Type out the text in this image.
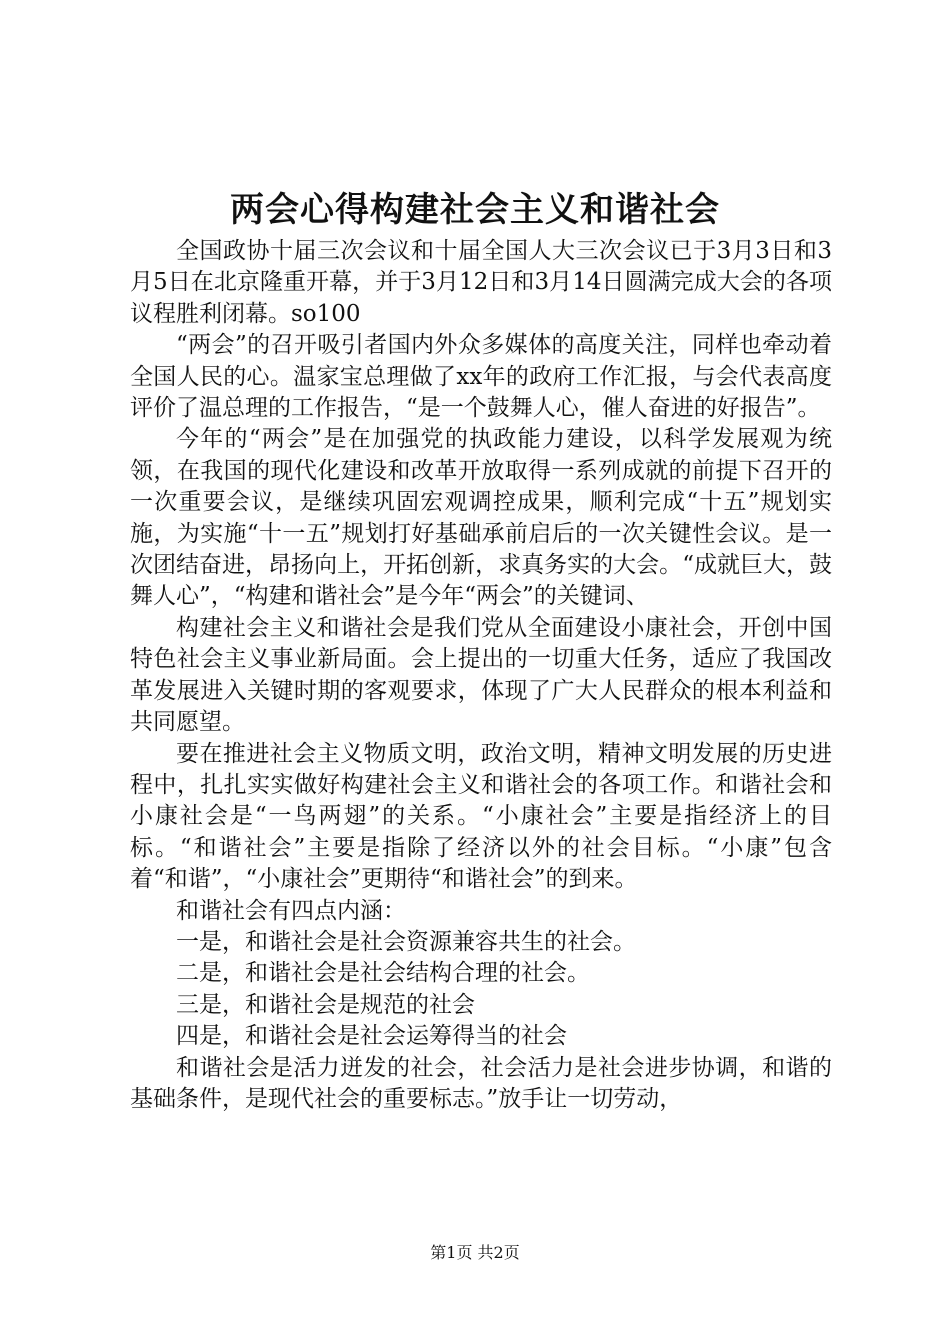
两会心得构建社会主义和谐社会

全国政协十届三次会议和十届全国人大三次会议已于3月3日和3月5日在北京隆重开幕，并于3月12日和3月14日圆满完成大会的各项议程胜利闭幕。so100

“两会”的召开吸引者国内外众多媒体的高度关注，同样也牵动着全国人民的心。温家宝总理做了xx年的政府工作汇报，与会代表高度评价了温总理的工作报告，“是一个鼓舞人心，催人奋进的好报告”。

今年的“两会”是在加强党的执政能力建设，以科学发展观为统领，在我国的现代化建设和改革开放取得一系列成就的前提下召开的一次重要会议，是继续巩固宏观调控成果，顺利完成“十五”规划实施，为实施“十一五”规划打好基础承前启后的一次关键性会议。是一次团结奋进，昂扬向上，开拓创新，求真务实的大会。“成就巨大，鼓舞人心”，“构建和谐社会”是今年“两会”的关键词、

构建社会主义和谐社会是我们党从全面建设小康社会，开创中国特色社会主义事业新局面。会上提出的一切重大任务，适应了我国改革发展进入关键时期的客观要求，体现了广大人民群众的根本利益和共同愿望。

要在推进社会主义物质文明，政治文明，精神文明发展的历史进程中，扎扎实实做好构建社会主义和谐社会的各项工作。和谐社会和小康社会是“一鸟两翅”的关系。“小康社会”主要是指经济上的目标。“和谐社会”主要是指除了经济以外的社会目标。“小康”包含着“和谐”，“小康社会”更期待“和谐社会”的到来。

和谐社会有四点内涵：

一是，和谐社会是社会资源兼容共生的社会。

二是，和谐社会是社会结构合理的社会。

三是，和谐社会是规范的社会

四是，和谐社会是社会运筹得当的社会

和谐社会是活力迸发的社会，社会活力是社会进步协调，和谐的基础条件，是现代社会的重要标志。”放手让一切劳动，

第1页 共2页
